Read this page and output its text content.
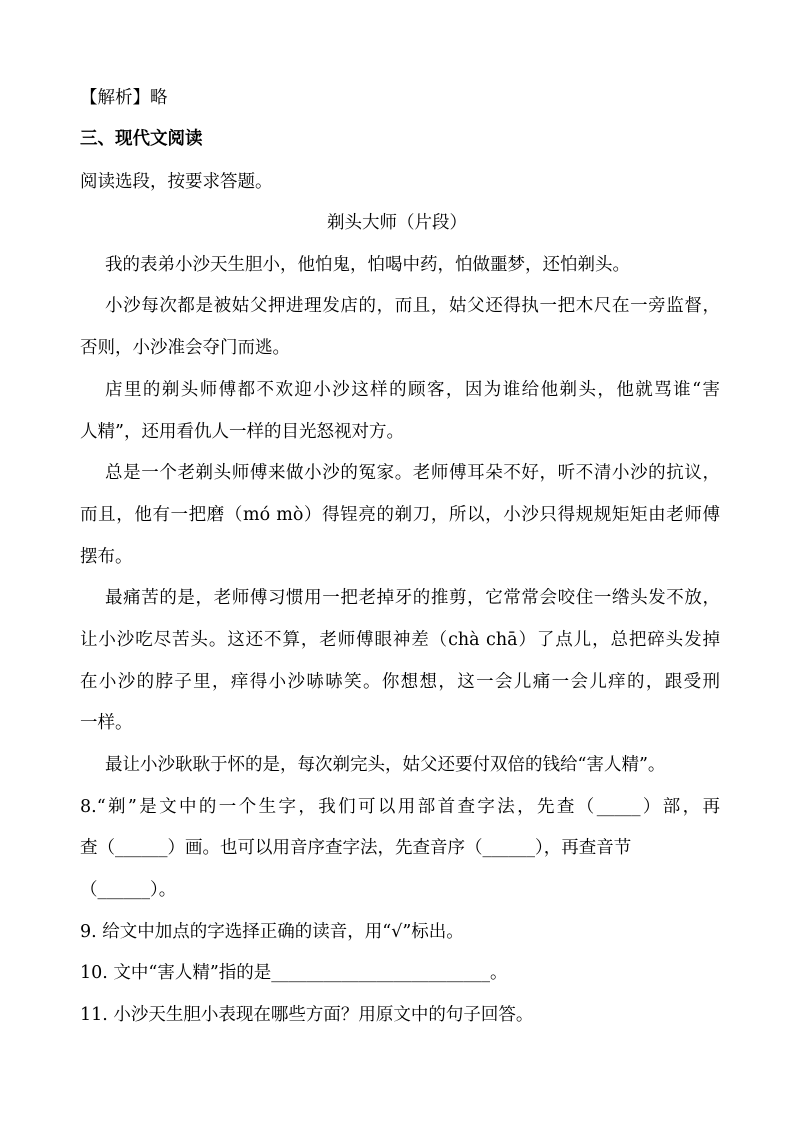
【解析】略
三、现代文阅读
阅读选段，按要求答题。
剃头大师（片段）
我的表弟小沙天生胆小，他怕鬼，怕喝中药，怕做噩梦，还怕剃头。
小沙每次都是被姑父押进理发店的，而且，姑父还得执一把木尺在一旁监督，
否则，小沙准会夺门而逃。
店里的剃头师傅都不欢迎小沙这样的顾客，因为谁给他剃头，他就骂谁“害
人精”，还用看仇人一样的目光怒视对方。
总是一个老剃头师傅来做小沙的冤家。老师傅耳朵不好，听不清小沙的抗议，
而且，他有一把磨（mó mò）得锃亮的剃刀，所以，小沙只得规规矩矩由老师傅
摆布。
最痛苦的是，老师傅习惯用一把老掉牙的推剪，它常常会咬住一绺头发不放，
让小沙吃尽苦头。这还不算，老师傅眼神差（chà chā）了点儿，总把碎头发掉
在小沙的脖子里，痒得小沙哧哧笑。你想想，这一会儿痛一会儿痒的，跟受刑
一样。
最让小沙耿耿于怀的是，每次剃完头，姑父还要付双倍的钱给“害人精”。
8.“剃”是文中的一个生字，我们可以用部首查字法，先查（_____）部，再
查（______）画。也可以用音序查字法，先查音序（______），再查音节
（______）。
9. 给文中加点的字选择正确的读音，用“√”标出。
10. 文中“害人精”指的是_________________________。
11. 小沙天生胆小表现在哪些方面？用原文中的句子回答。
